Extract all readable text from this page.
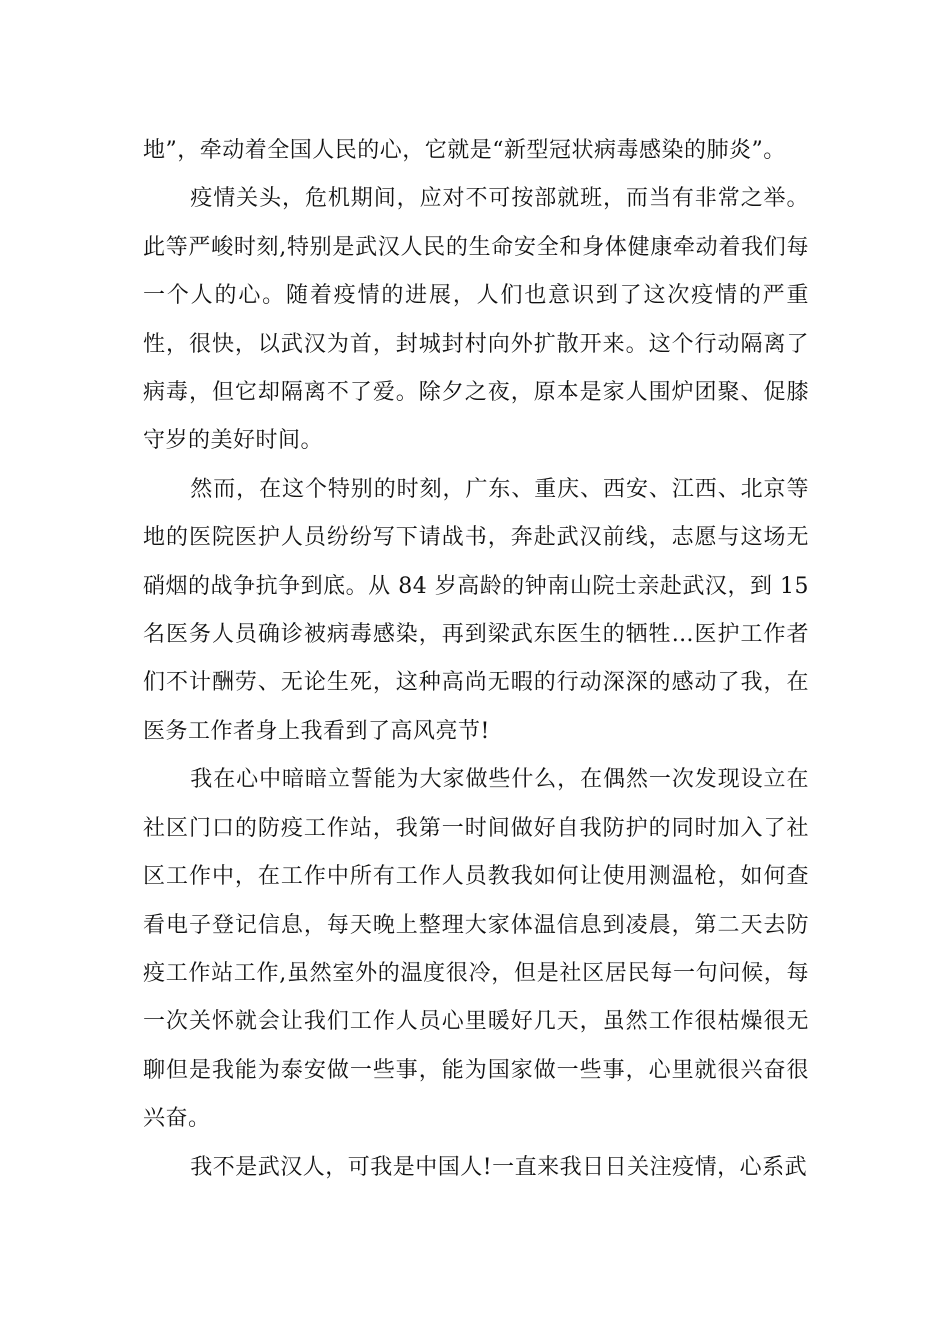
地”，牵动着全国人民的心，它就是“新型冠状病毒感染的肺炎”。

疫情关头，危机期间，应对不可按部就班，而当有非常之举。此等严峻时刻,特别是武汉人民的生命安全和身体健康牵动着我们每一个人的心。随着疫情的进展，人们也意识到了这次疫情的严重性，很快，以武汉为首，封城封村向外扩散开来。这个行动隔离了病毒，但它却隔离不了爱。除夕之夜，原本是家人围炉团聚、促膝守岁的美好时间。

然而，在这个特别的时刻，广东、重庆、西安、江西、北京等地的医院医护人员纷纷写下请战书，奔赴武汉前线，志愿与这场无硝烟的战争抗争到底。从 84 岁高龄的钟南山院士亲赴武汉，到 15 名医务人员确诊被病毒感染，再到梁武东医生的牺牲…医护工作者们不计酬劳、无论生死，这种高尚无暇的行动深深的感动了我，在医务工作者身上我看到了高风亮节!

我在心中暗暗立誓能为大家做些什么，在偶然一次发现设立在社区门口的防疫工作站，我第一时间做好自我防护的同时加入了社区工作中，在工作中所有工作人员教我如何让使用测温枪，如何查看电子登记信息，每天晚上整理大家体温信息到凌晨，第二天去防疫工作站工作,虽然室外的温度很冷，但是社区居民每一句问候，每一次关怀就会让我们工作人员心里暖好几天，虽然工作很枯燥很无聊但是我能为泰安做一些事，能为国家做一些事，心里就很兴奋很兴奋。

我不是武汉人，可我是中国人!一直来我日日关注疫情，心系武
